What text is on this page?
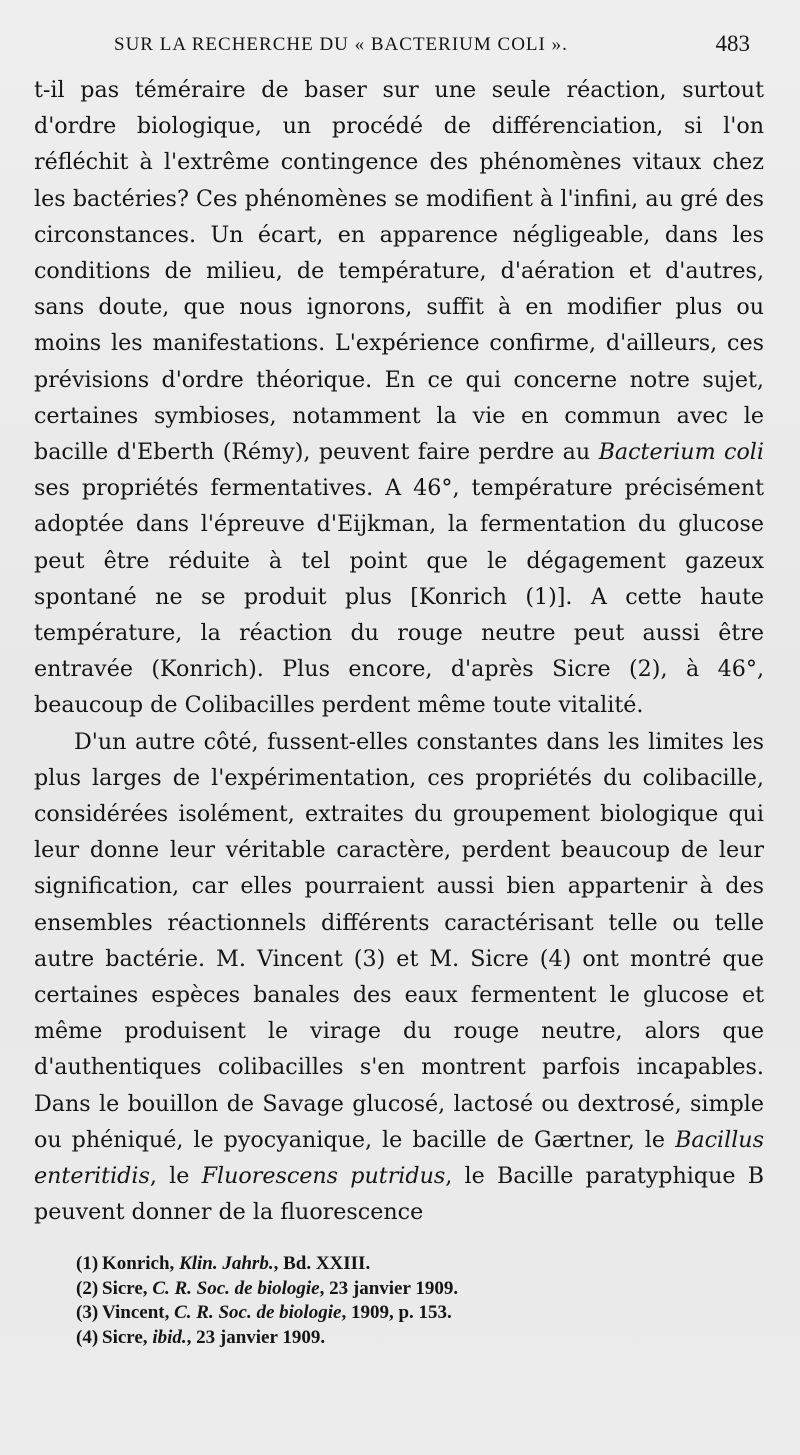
SUR LA RECHERCHE DU « BACTERIUM COLI ».	483

t-il pas téméraire de baser sur une seule réaction, surtout d'ordre biologique, un procédé de différenciation, si l'on réfléchit à l'extrême contingence des phénomènes vitaux chez les bactéries? Ces phénomènes se modifient à l'infini, au gré des circonstances. Un écart, en apparence négligeable, dans les conditions de milieu, de température, d'aération et d'autres, sans doute, que nous ignorons, suffit à en modifier plus ou moins les manifestations. L'expérience confirme, d'ailleurs, ces prévisions d'ordre théorique. En ce qui concerne notre sujet, certaines symbioses, notamment la vie en commun avec le bacille d'Eberth (Rémy), peuvent faire perdre au Bacterium coli ses propriétés fermentatives. A 46°, température précisément adoptée dans l'épreuve d'Eijkman, la fermentation du glucose peut être réduite à tel point que le dégagement gazeux spontané ne se produit plus [Konrich (1)]. A cette haute température, la réaction du rouge neutre peut aussi être entravée (Konrich). Plus encore, d'après Sicre (2), à 46°, beaucoup de Colibacilles perdent même toute vitalité.

D'un autre côté, fussent-elles constantes dans les limites les plus larges de l'expérimentation, ces propriétés du colibacille, considérées isolément, extraites du groupement biologique qui leur donne leur véritable caractère, perdent beaucoup de leur signification, car elles pourraient aussi bien appartenir à des ensembles réactionnels différents caractérisant telle ou telle autre bactérie. M. Vincent (3) et M. Sicre (4) ont montré que certaines espèces banales des eaux fermentent le glucose et même produisent le virage du rouge neutre, alors que d'authentiques colibacilles s'en montrent parfois incapables. Dans le bouillon de Savage glucosé, lactosé ou dextrosé, simple ou phéniqué, le pyocyanique, le bacille de Gærtner, le Bacillus enteritidis, le Fluorescens putridus, le Bacille paratyphique B peuvent donner de la fluorescence

(1) Konrich, Klin. Jahrb., Bd. XXIII.

(2) Sicre, C. R. Soc. de biologie, 23 janvier 1909.

(3) Vincent, C. R. Soc. de biologie, 1909, p. 153.

(4) Sicre, ibid., 23 janvier 1909.
